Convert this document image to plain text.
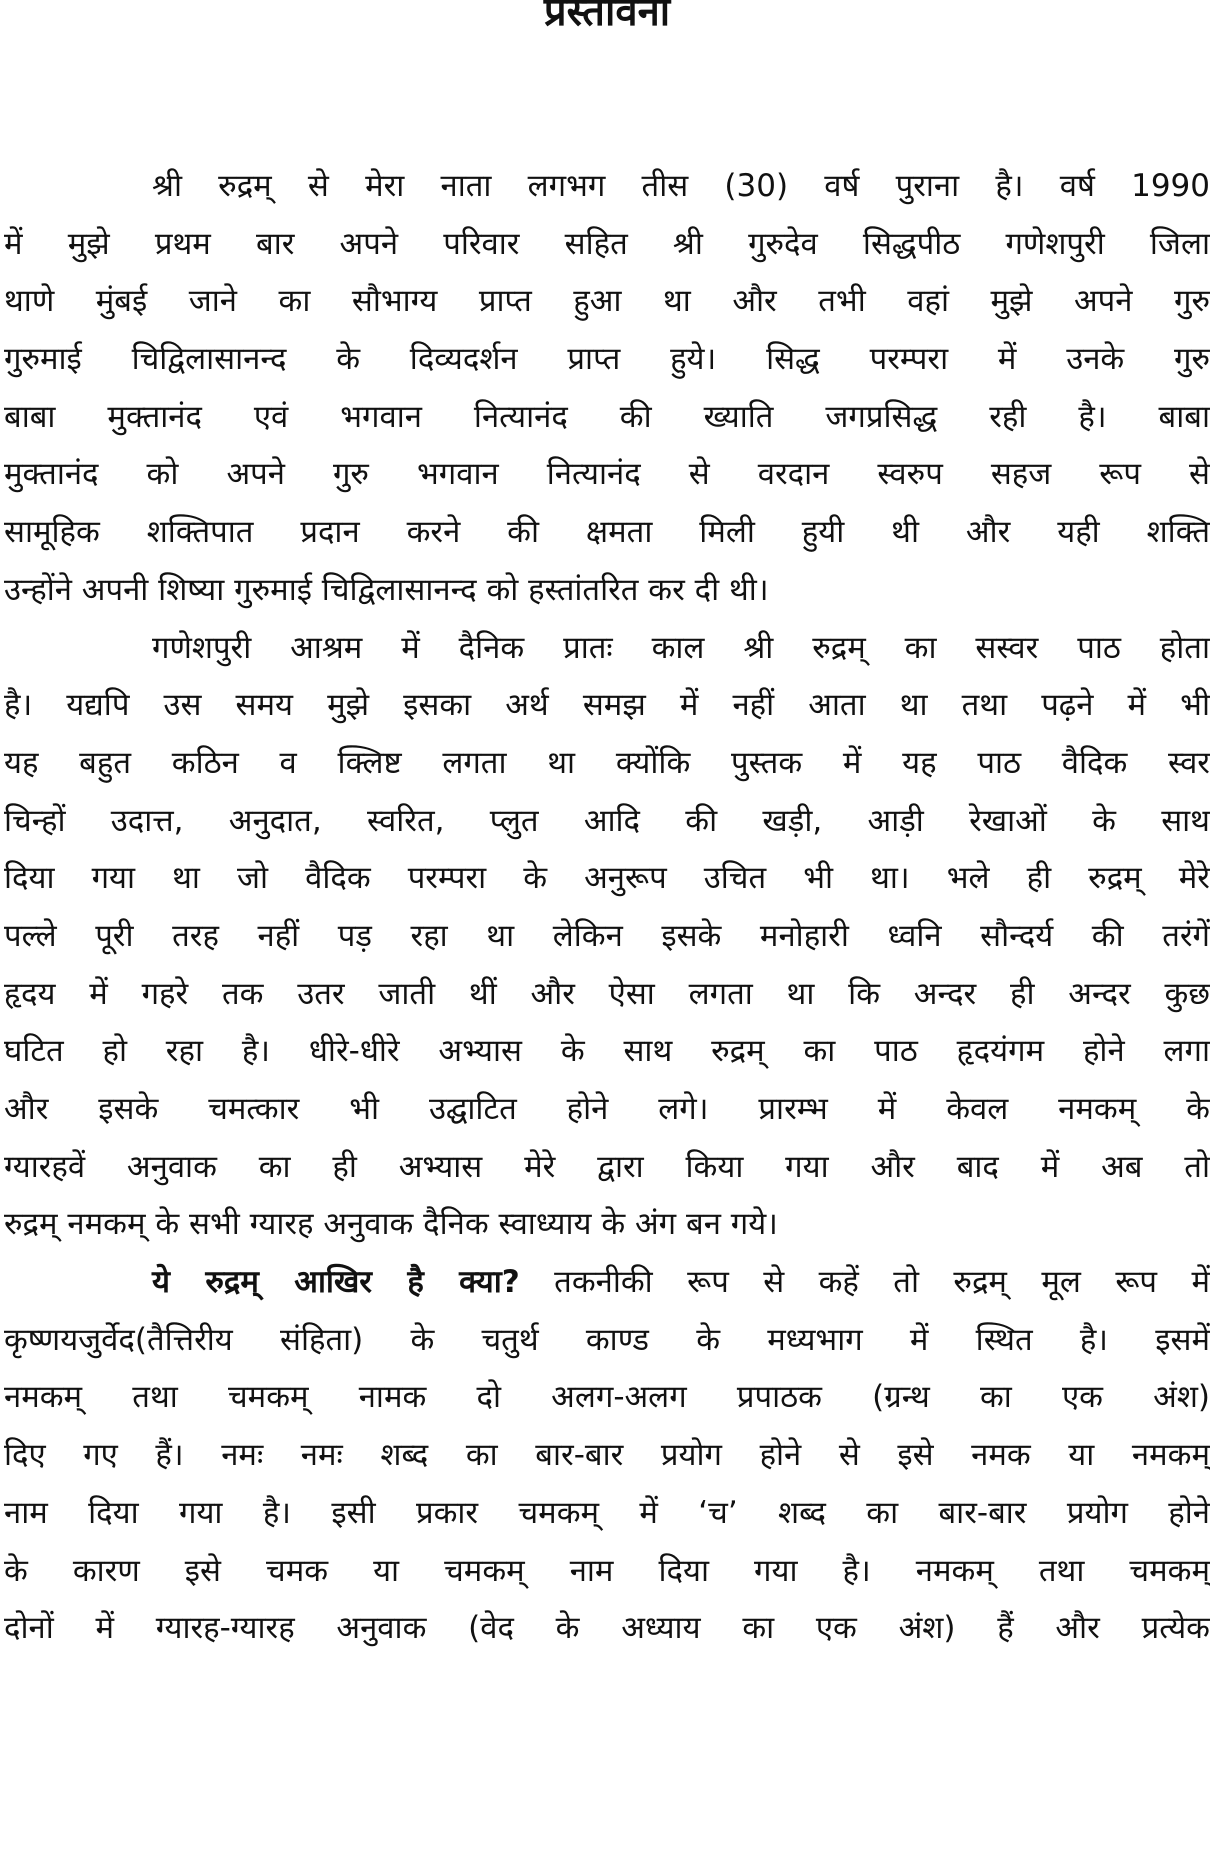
प्रस्तावना
श्री रुद्रम् से मेरा नाता लगभग तीस (30) वर्ष पुराना है। वर्ष 1990
में मुझे प्रथम बार अपने परिवार सहित श्री गुरुदेव सिद्धपीठ गणेशपुरी जिला
थाणे मुंबई जाने का सौभाग्य प्राप्त हुआ था और तभी वहां मुझे अपने गुरु
गुरुमाई चिद्विलासानन्द के दिव्यदर्शन प्राप्त हुये। सिद्ध परम्परा में उनके गुरु
बाबा मुक्तानंद एवं भगवान नित्यानंद की ख्याति जगप्रसिद्ध रही है। बाबा
मुक्तानंद को अपने गुरु भगवान नित्यानंद से वरदान स्वरुप सहज रूप से
सामूहिक शक्तिपात प्रदान करने की क्षमता मिली हुयी थी और यही शक्ति
उन्होंने अपनी शिष्या गुरुमाई चिद्विलासानन्द को हस्तांतरित कर दी थी।
गणेशपुरी आश्रम में दैनिक प्रातः काल श्री रुद्रम् का सस्वर पाठ होता
है। यद्यपि उस समय मुझे इसका अर्थ समझ में नहीं आता था तथा पढ़ने में भी
यह बहुत कठिन व क्लिष्ट लगता था क्योंकि पुस्तक में यह पाठ वैदिक स्वर
चिन्हों उदात्त, अनुदात, स्वरित, प्लुत आदि की खड़ी, आड़ी रेखाओं के साथ
दिया गया था जो वैदिक परम्परा के अनुरूप उचित भी था। भले ही रुद्रम् मेरे
पल्ले पूरी तरह नहीं पड़ रहा था लेकिन इसके मनोहारी ध्वनि सौन्दर्य की तरंगें
हृदय में गहरे तक उतर जाती थीं और ऐसा लगता था कि अन्दर ही अन्दर कुछ
घटित हो रहा है। धीरे-धीरे अभ्यास के साथ रुद्रम् का पाठ हृदयंगम होने लगा
और इसके चमत्कार भी उद्घाटित होने लगे। प्रारम्भ में केवल नमकम् के
ग्यारहवें अनुवाक का ही अभ्यास मेरे द्वारा किया गया और बाद में अब तो
रुद्रम् नमकम् के सभी ग्यारह अनुवाक दैनिक स्वाध्याय के अंग बन गये।
ये रुद्रम् आखिर है क्या? तकनीकी रूप से कहें तो रुद्रम् मूल रूप में
कृष्णयजुर्वेद(तैत्तिरीय संहिता) के चतुर्थ काण्ड के मध्यभाग में स्थित है। इसमें
नमकम् तथा चमकम् नामक दो अलग-अलग प्रपाठक (ग्रन्थ का एक अंश)
दिए गए हैं। नमः नमः शब्द का बार-बार प्रयोग होने से इसे नमक या नमकम्
नाम दिया गया है। इसी प्रकार चमकम् में ‘च’ शब्द का बार-बार प्रयोग होने
के कारण इसे चमक या चमकम् नाम दिया गया है। नमकम् तथा चमकम्
दोनों में ग्यारह-ग्यारह अनुवाक (वेद के अध्याय का एक अंश) हैं और प्रत्येक
